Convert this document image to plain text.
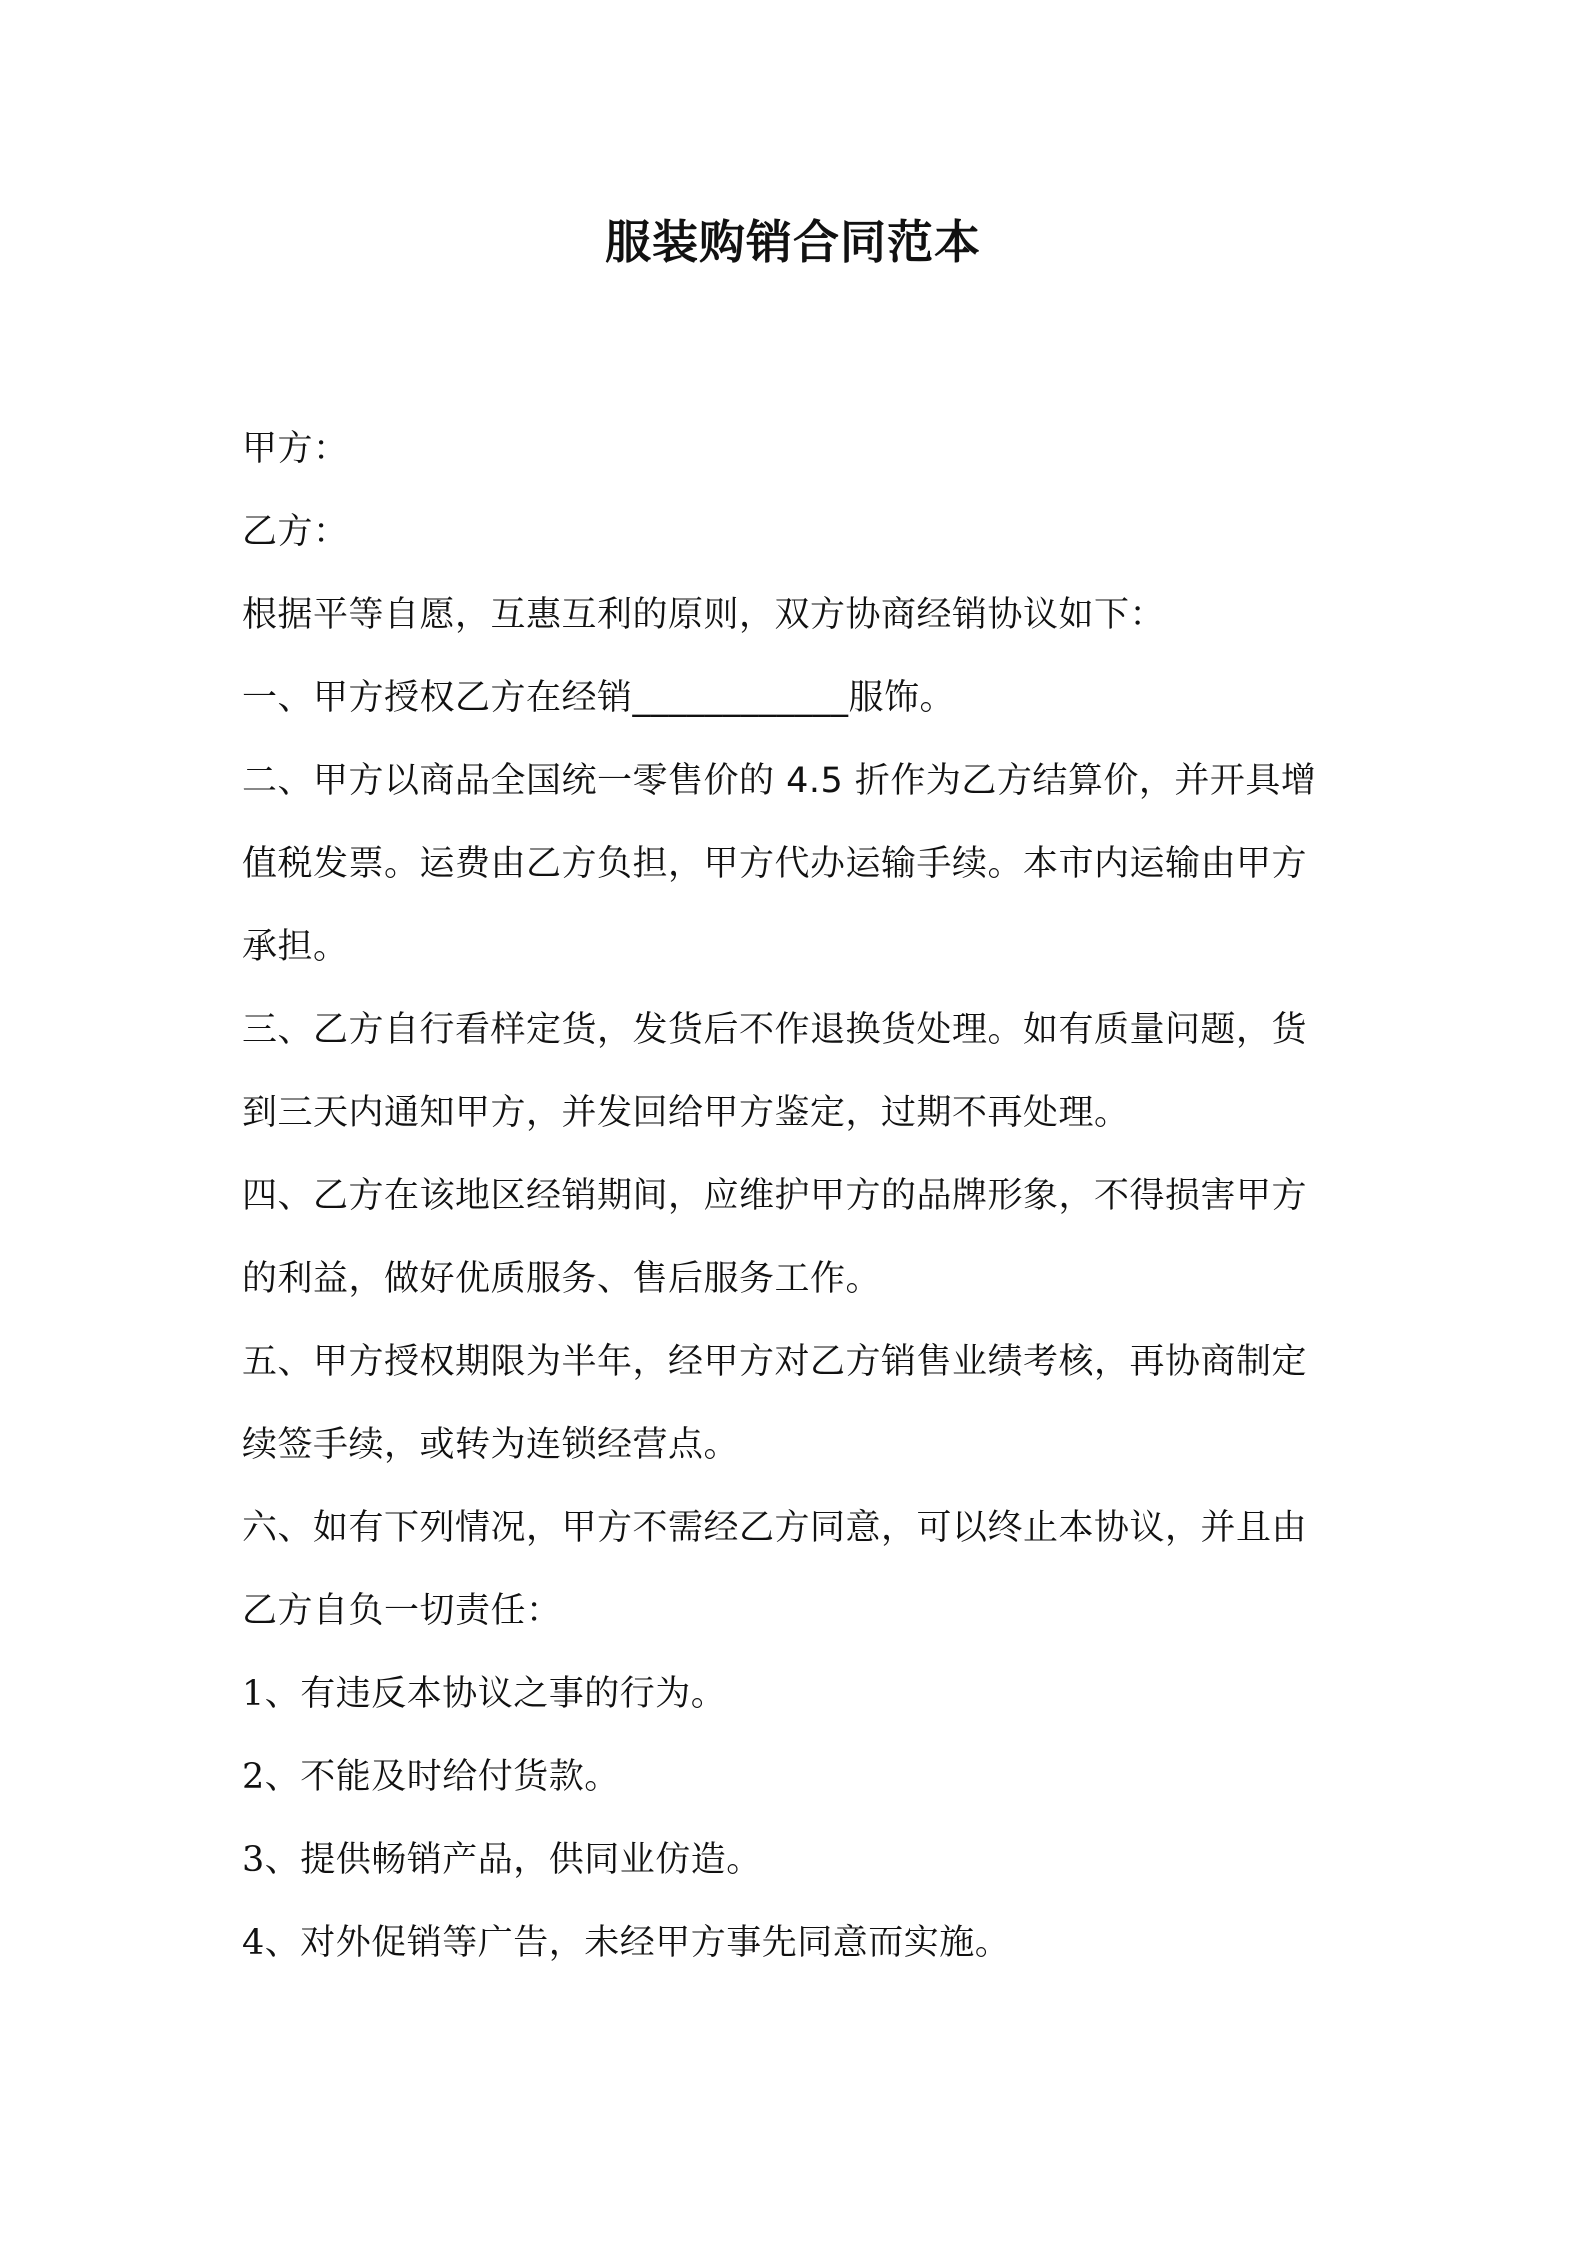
服装购销合同范本
甲方：
乙方：
根据平等自愿，互惠互利的原则，双方协商经销协议如下：
一、甲方授权乙方在经销____________服饰。
二、甲方以商品全国统一零售价的 4.5 折作为乙方结算价，并开具增
值税发票。运费由乙方负担，甲方代办运输手续。本市内运输由甲方
承担。
三、乙方自行看样定货，发货后不作退换货处理。如有质量问题，货
到三天内通知甲方，并发回给甲方鉴定，过期不再处理。
四、乙方在该地区经销期间，应维护甲方的品牌形象，不得损害甲方
的利益，做好优质服务、售后服务工作。
五、甲方授权期限为半年，经甲方对乙方销售业绩考核，再协商制定
续签手续，或转为连锁经营点。
六、如有下列情况，甲方不需经乙方同意，可以终止本协议，并且由
乙方自负一切责任：
1、有违反本协议之事的行为。
2、不能及时给付货款。
3、提供畅销产品，供同业仿造。
4、对外促销等广告，未经甲方事先同意而实施。
